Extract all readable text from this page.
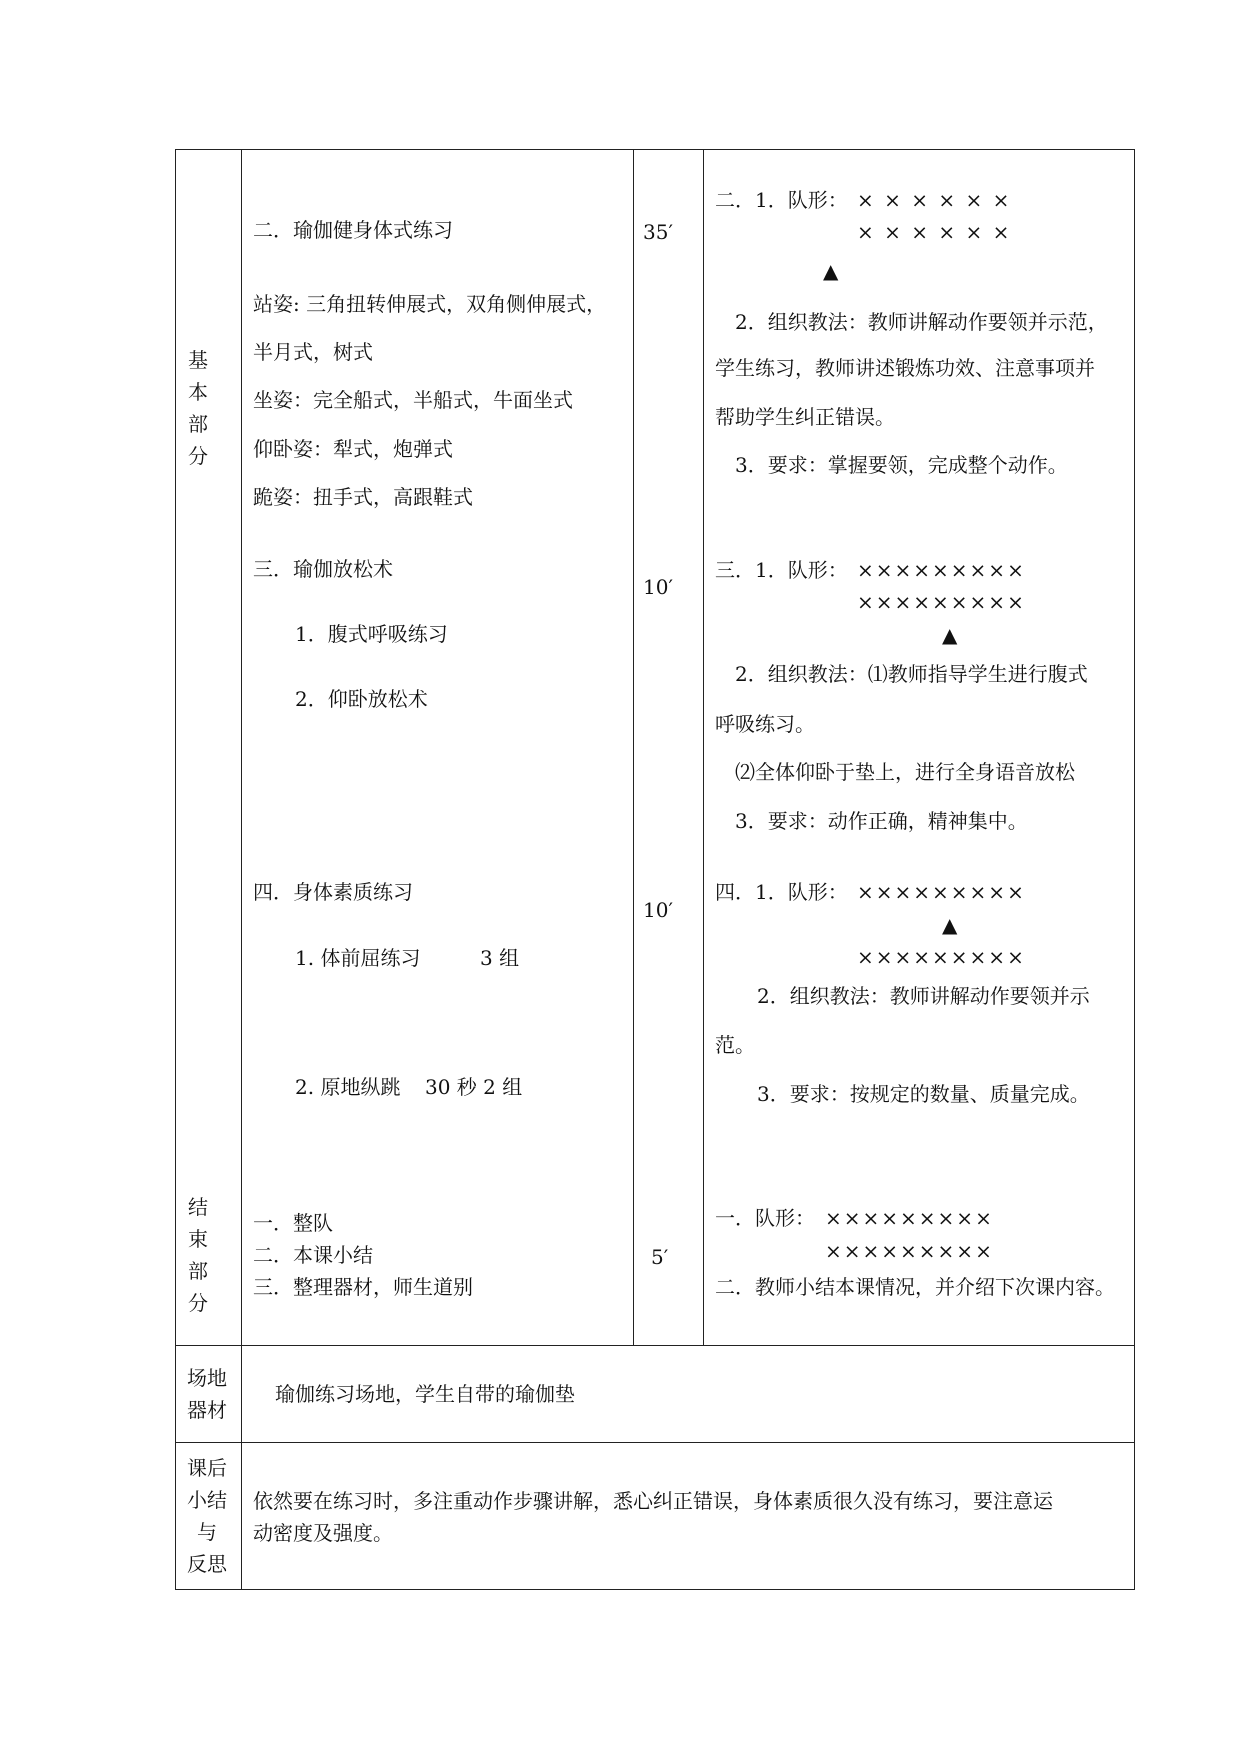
基本部分
二．瑜伽健身体式练习	35′
站姿: 三角扭转伸展式，双角侧伸展式，
半月式，树式
坐姿：完全船式，半船式，牛面坐式
仰卧姿：犁式，炮弹式
跪姿：扭手式，高跟鞋式
二．1．队形： × × × × × ×
× × × × × ×
▲
2．组织教法：教师讲解动作要领并示范，
学生练习，教师讲述锻炼功效、注意事项并
帮助学生纠正错误。
3．要求：掌握要领，完成整个动作。
三．瑜伽放松术
10′
1．腹式呼吸练习
2．仰卧放松术
三．1．队形： ×××××××××
×××××××××
▲
2．组织教法：⑴教师指导学生进行腹式
呼吸练习。
⑵全体仰卧于垫上，进行全身语音放松
3．要求：动作正确，精神集中。
四．身体素质练习
10′
1. 体前屈练习	3 组
2. 原地纵跳 30 秒 2 组
四．1．队形： ×××××××××
▲
×××××××××
2．组织教法：教师讲解动作要领并示
范。
3．要求：按规定的数量、质量完成。
结束部分
一．整队
二．本课小结
三．整理器材，师生道别
5′
一．队形： ×××××××××
×××××××××
二．教师小结本课情况，并介绍下次课内容。
场地
器材
瑜伽练习场地，学生自带的瑜伽垫
课后
小结
与
反思
依然要在练习时，多注重动作步骤讲解，悉心纠正错误，身体素质很久没有练习，要注意运
动密度及强度。
